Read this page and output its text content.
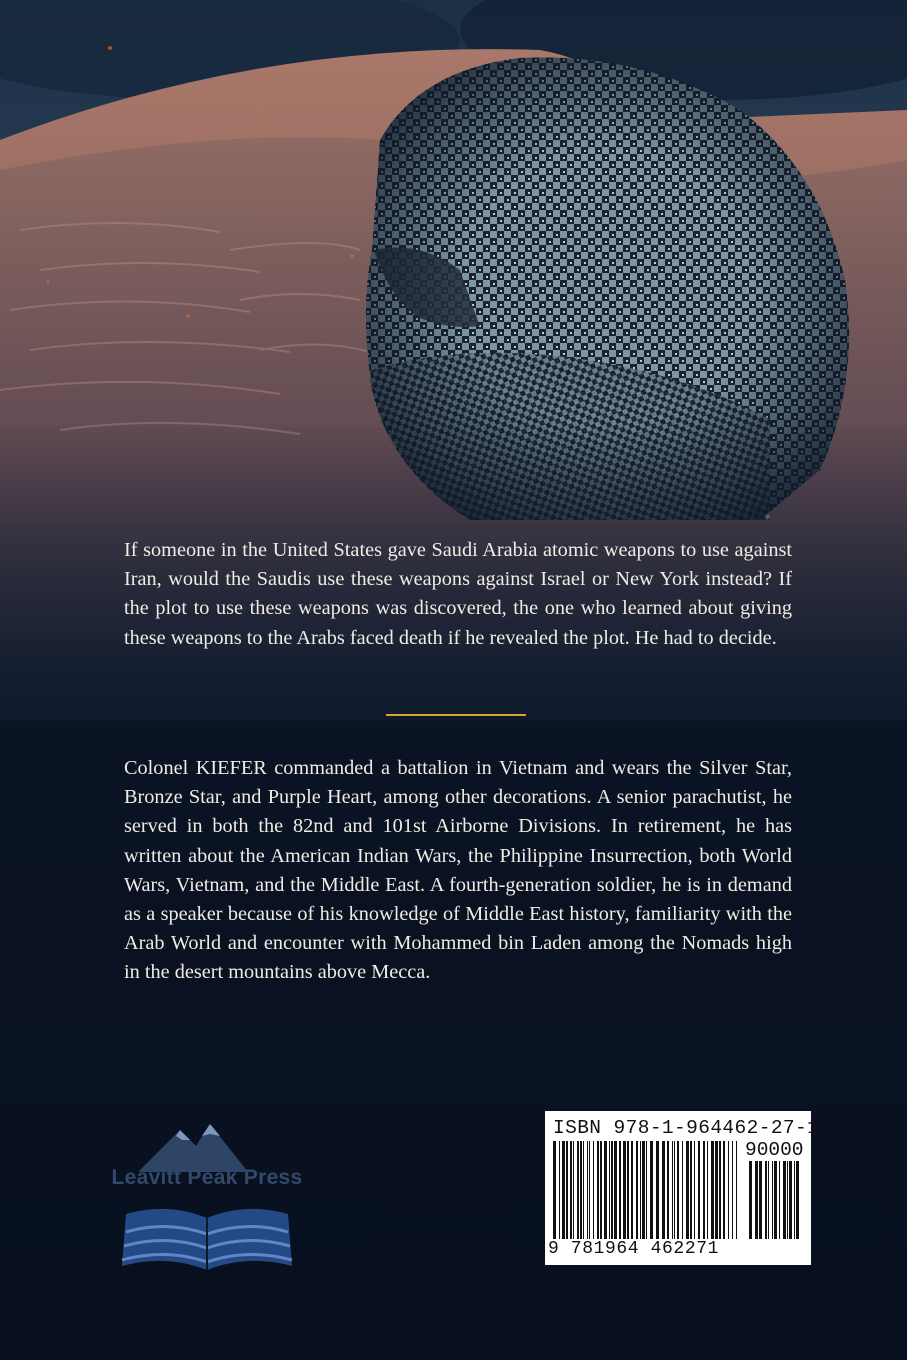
If someone in the United States gave Saudi Arabia atomic weapons to use against Iran, would the Saudis use these weapons against Israel or New York instead? If the plot to use these weapons was discovered, the one who learned about giving these weapons to the Arabs faced death if he revealed the plot. He had to decide.

Colonel KIEFER commanded a battalion in Vietnam and wears the Silver Star, Bronze Star, and Purple Heart, among other decorations. A senior parachutist, he served in both the 82nd and 101st Airborne Divisions. In retirement, he has written about the American Indian Wars, the Philippine Insurrection, both World Wars, Vietnam, and the Middle East. A fourth-generation soldier, he is in demand as a speaker because of his knowledge of Middle East history, familiarity with the Arab World and encounter with Mohammed bin Laden among the Nomads high in the desert mountains above Mecca.

Leavitt Peak Press
ISBN 978-1-964462-27-1
90000
9 781964 462271
